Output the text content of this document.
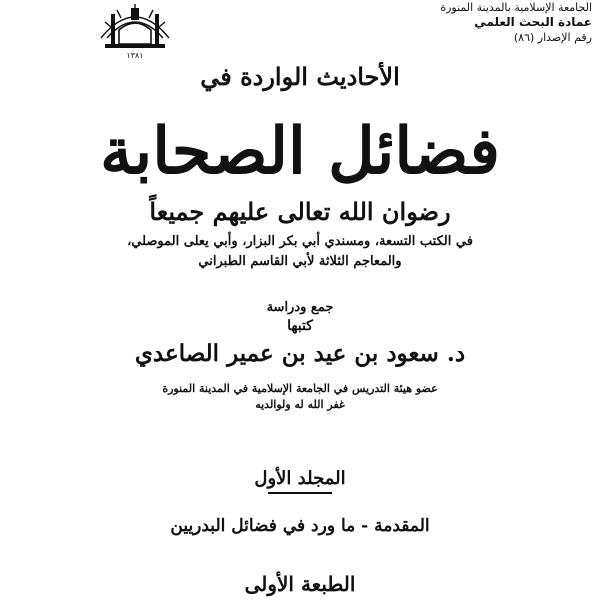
الجامعة الإسلامية بالمدينة المنورة
عمادة البحث العلمي
رقم الإصدار (٨٦)
١٣٨١
الأحاديث الواردة في
فضائل الصحابة
رضوان الله تعالى عليهم جميعاً
في الكتب التسعة، ومسندي أبي بكر البزار، وأبي يعلى الموصلي،
والمعاجم الثلاثة لأبي القاسم الطبراني
جمع ودراسة
كتبها
د. سعود بن عيد بن عمير الصاعدي
عضو هيئة التدريس في الجامعة الإسلامية في المدينة المنورة
غفر الله له ولوالديه
المجلد الأول
المقدمة - ما ورد في فضائل البدريين
الطبعة الأولى
